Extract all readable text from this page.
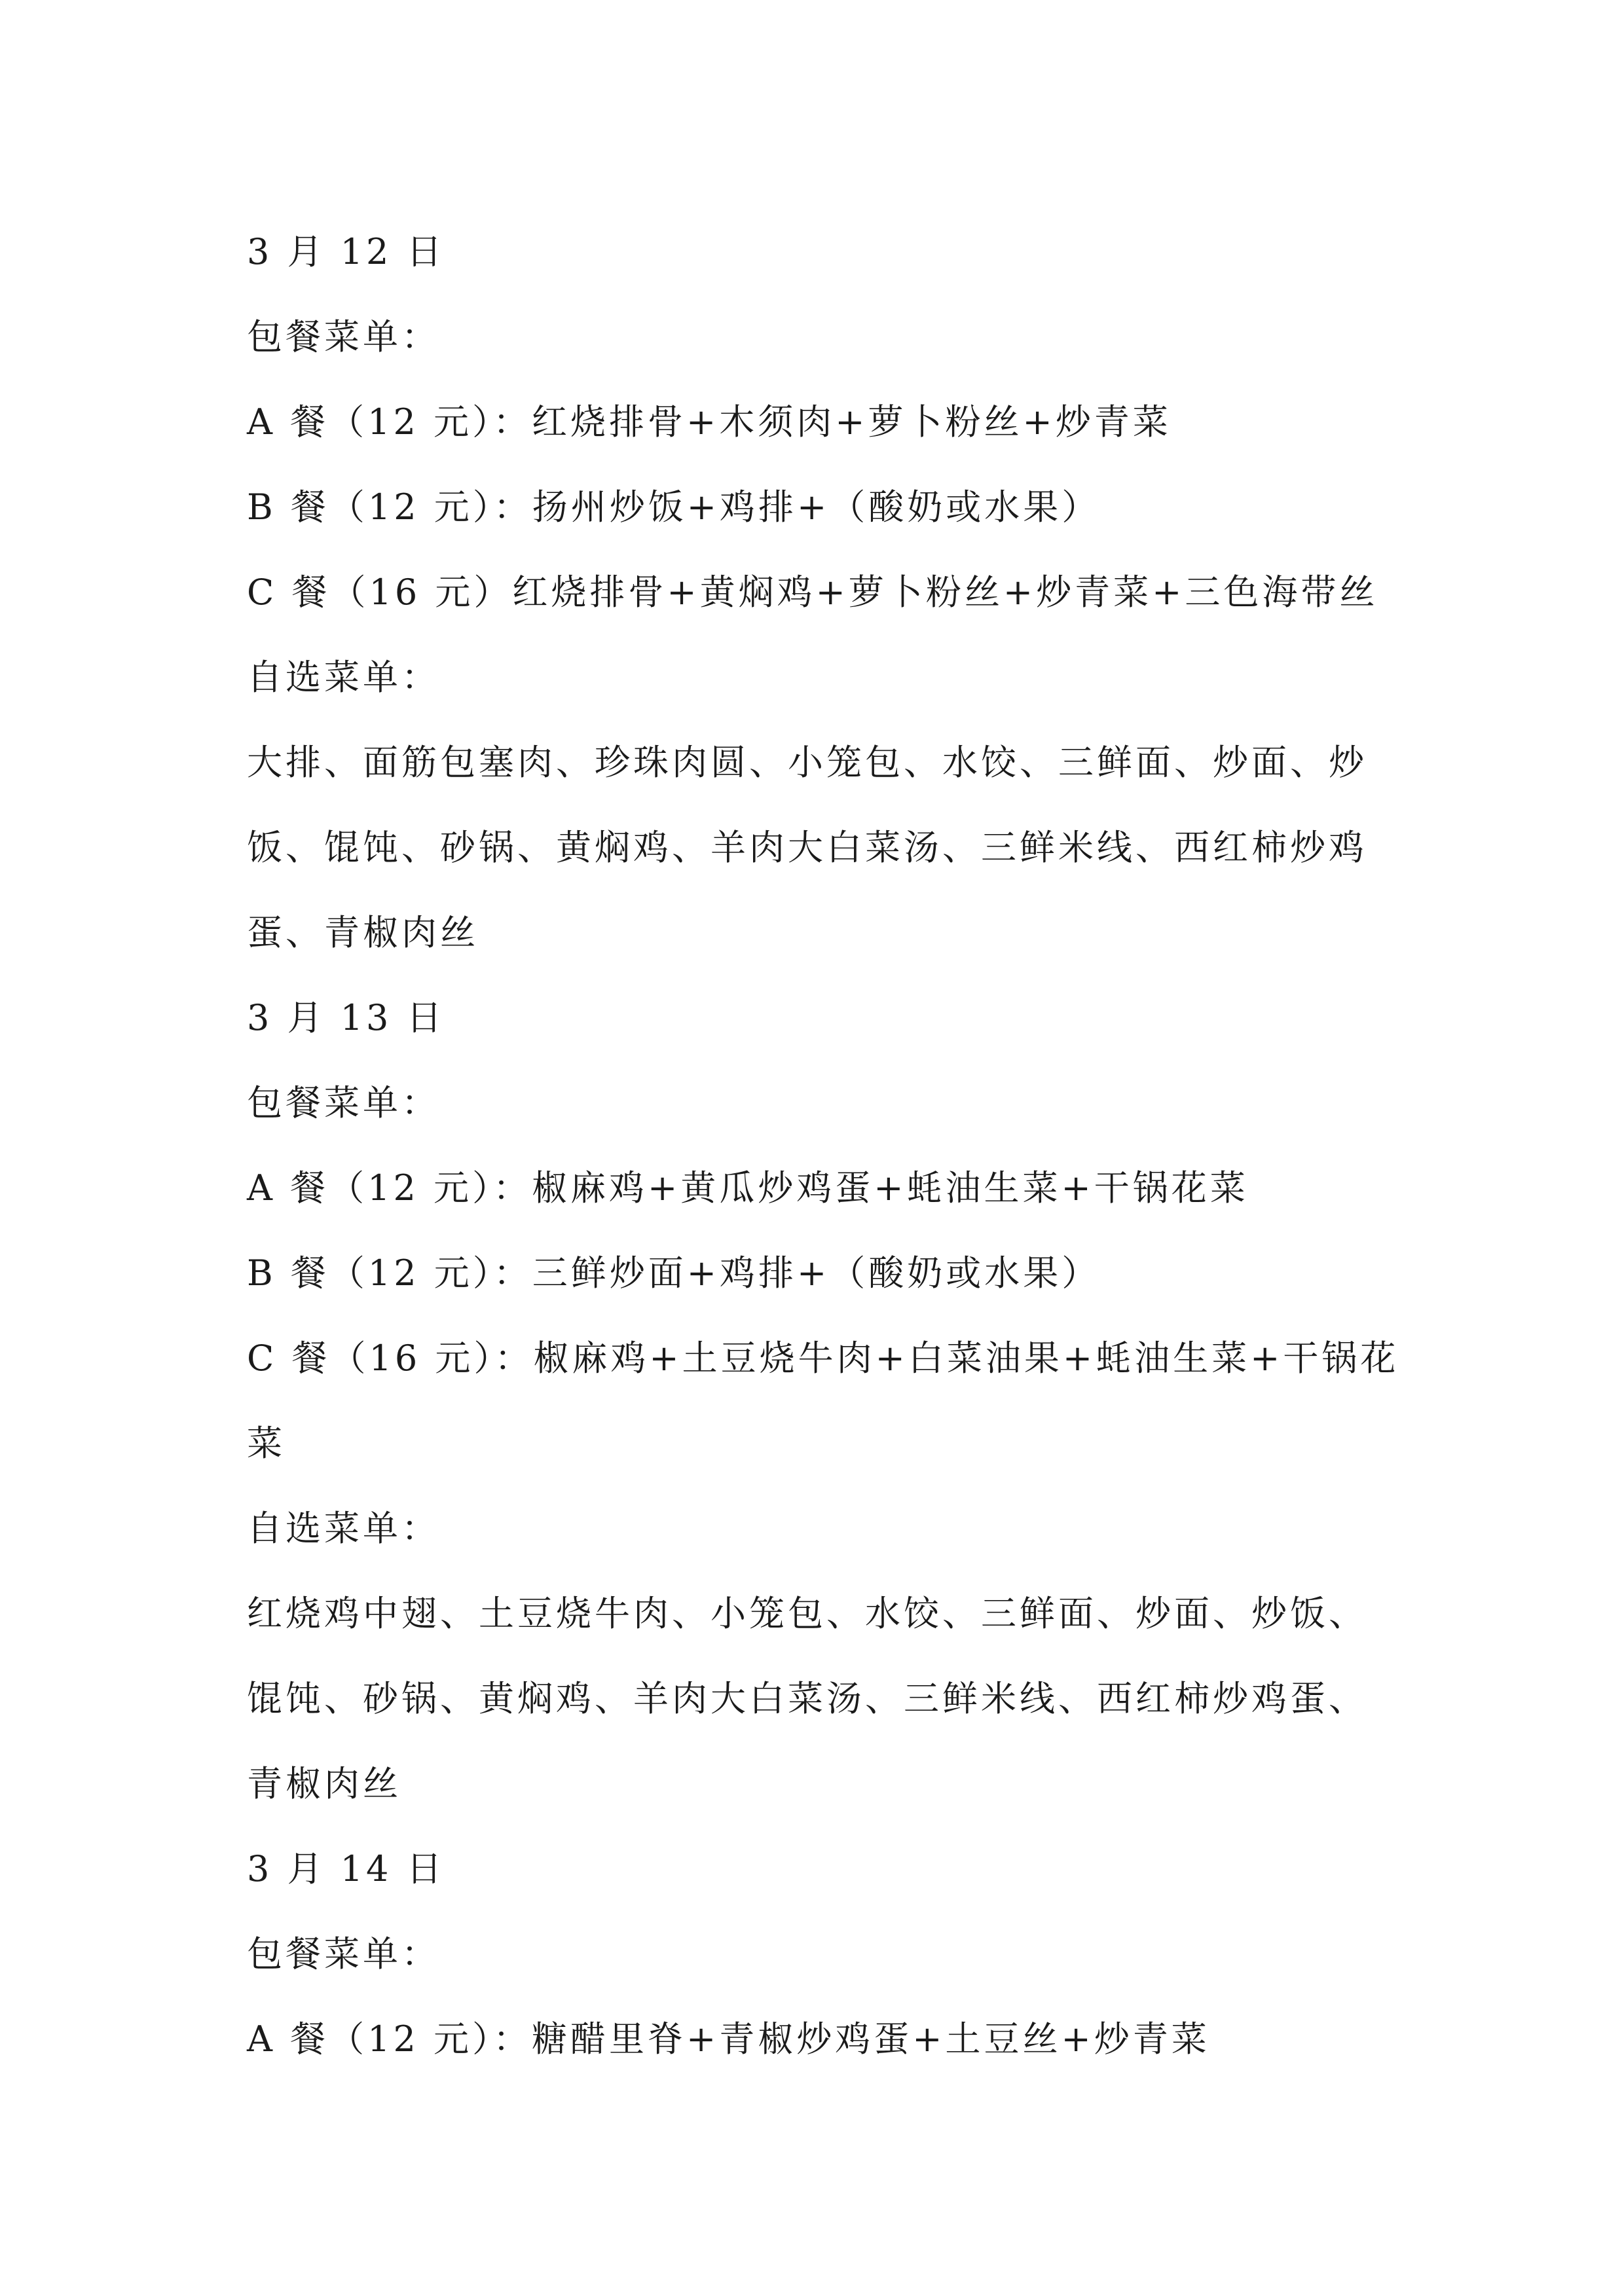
3 月 12 日

包餐菜单：

A 餐（12 元）：红烧排骨+木须肉+萝卜粉丝+炒青菜

B 餐（12 元）：扬州炒饭+鸡排+（酸奶或水果）

C 餐（16 元）红烧排骨+黄焖鸡+萝卜粉丝+炒青菜+三色海带丝

自选菜单：

大排、面筋包塞肉、珍珠肉圆、小笼包、水饺、三鲜面、炒面、炒饭、馄饨、砂锅、黄焖鸡、羊肉大白菜汤、三鲜米线、西红柿炒鸡蛋、青椒肉丝

3 月 13 日

包餐菜单：

A 餐（12 元）：椒麻鸡+黄瓜炒鸡蛋+蚝油生菜+干锅花菜

B 餐（12 元）：三鲜炒面+鸡排+（酸奶或水果）

C 餐（16 元）：椒麻鸡+土豆烧牛肉+白菜油果+蚝油生菜+干锅花菜

自选菜单：

红烧鸡中翅、土豆烧牛肉、小笼包、水饺、三鲜面、炒面、炒饭、馄饨、砂锅、黄焖鸡、羊肉大白菜汤、三鲜米线、西红柿炒鸡蛋、青椒肉丝

3 月 14 日

包餐菜单：

A 餐（12 元）：糖醋里脊+青椒炒鸡蛋+土豆丝+炒青菜
